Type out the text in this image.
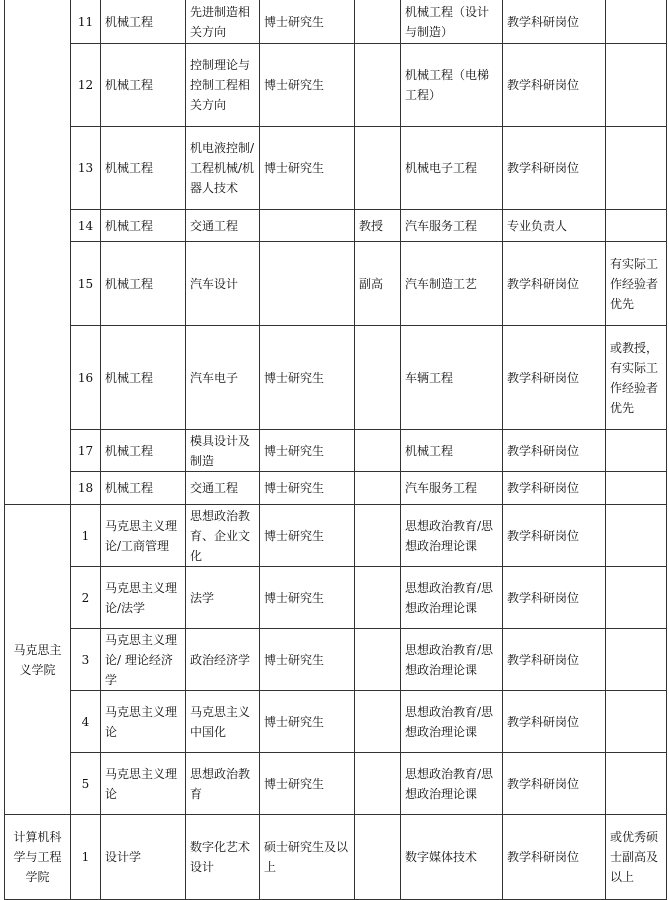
	11	机械工程	先进制造相关方向	博士研究生		机械工程（设计与制造）	教学科研岗位	
	12	机械工程	控制理论与控制工程相关方向	博士研究生		机械工程（电梯工程）	教学科研岗位	
	13	机械工程	机电液控制/工程机械/机器人技术	博士研究生		机械电子工程	教学科研岗位	
	14	机械工程	交通工程		教授	汽车服务工程	专业负责人	
	15	机械工程	汽车设计		副高	汽车制造工艺	教学科研岗位	有实际工作经验者优先
	16	机械工程	汽车电子	博士研究生		车辆工程	教学科研岗位	或教授，有实际工作经验者优先
	17	机械工程	模具设计及制造	博士研究生		机械工程	教学科研岗位	
	18	机械工程	交通工程	博士研究生		汽车服务工程	教学科研岗位	
马克思主义学院	1	马克思主义理论/工商管理	思想政治教育、企业文化	博士研究生		思想政治教育/思想政治理论课	教学科研岗位	
	2	马克思主义理论/法学	法学	博士研究生		思想政治教育/思想政治理论课	教学科研岗位	
	3	马克思主义理论/ 理论经济学	政治经济学	博士研究生		思想政治教育/思想政治理论课	教学科研岗位	
	4	马克思主义理论	马克思主义中国化	博士研究生		思想政治教育/思想政治理论课	教学科研岗位	
	5	马克思主义理论	思想政治教育	博士研究生		思想政治教育/思想政治理论课	教学科研岗位	
计算机科学与工程学院	1	设计学	数字化艺术设计	硕士研究生及以上		数字媒体技术	教学科研岗位	或优秀硕士副高及以上
